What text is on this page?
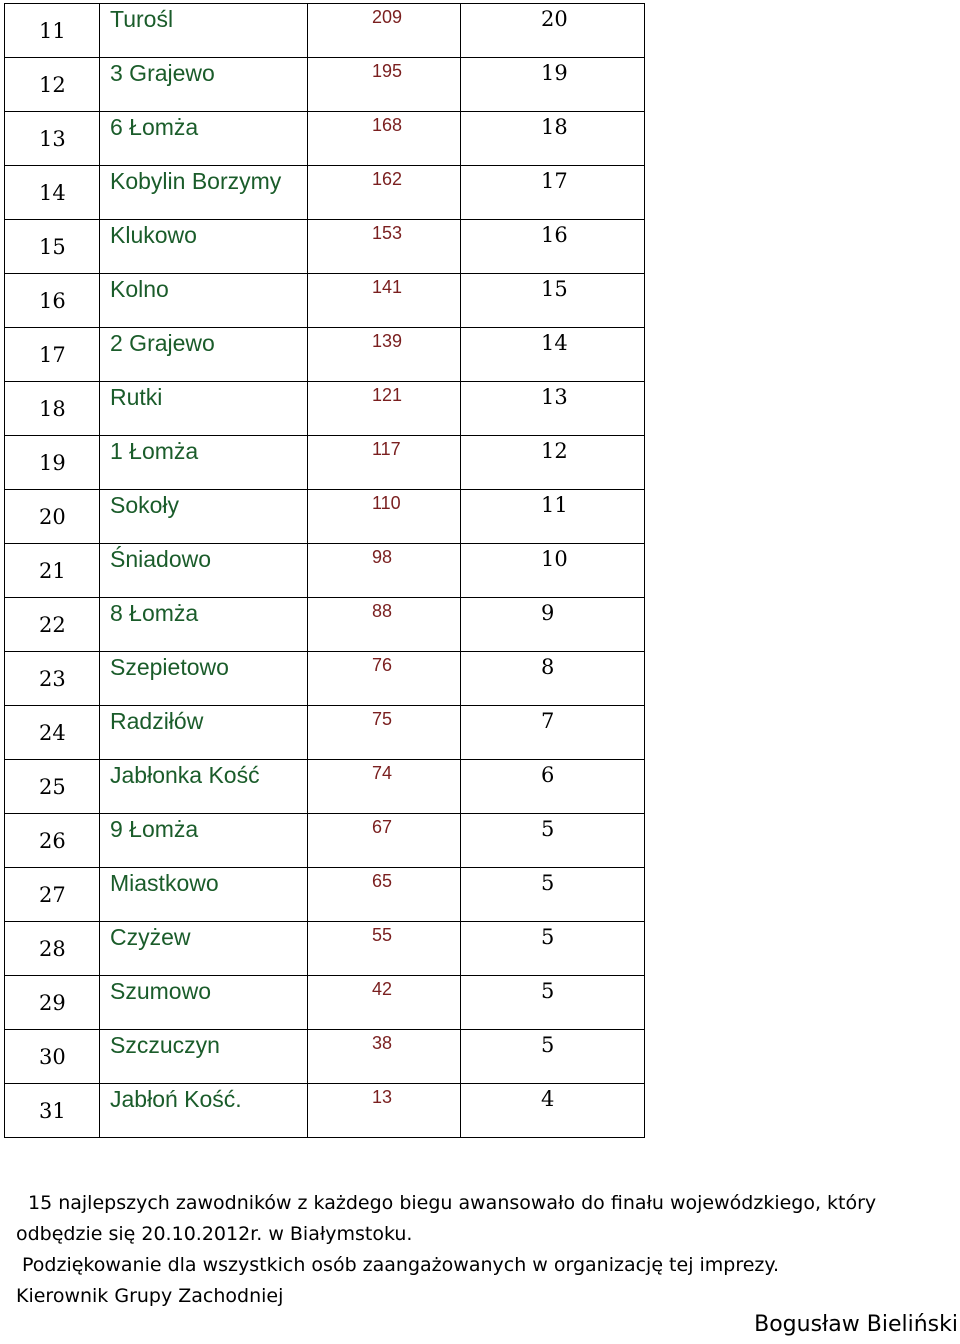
11	Turośl	209	20

12	3 Grajewo	195	19

13	6 Łomża	168	18

14	Kobylin Borzymy	162	17

15	Klukowo	153	16

16	Kolno	141	15

17	2 Grajewo	139	14

18	Rutki	121	13

19	1 Łomża	117	12

20	Sokoły	110	11

21	Śniadowo	98	10

22	8 Łomża	88	9

23	Szepietowo	76	8

24	Radziłów	75	7

25	Jabłonka Kość	74	6

26	9 Łomża	67	5

27	Miastkowo	65	5

28	Czyżew	55	5

29	Szumowo	42	5

30	Szczuczyn	38	5

31	Jabłoń Kość.	13	4
15 najlepszych zawodników z każdego biegu awansowało do finału wojewódzkiego, który
odbędzie się 20.10.2012r. w Białymstoku.
Podziękowanie dla wszystkich osób zaangażowanych w organizację tej imprezy.
Kierownik Grupy Zachodniej
Bogusław Bieliński
